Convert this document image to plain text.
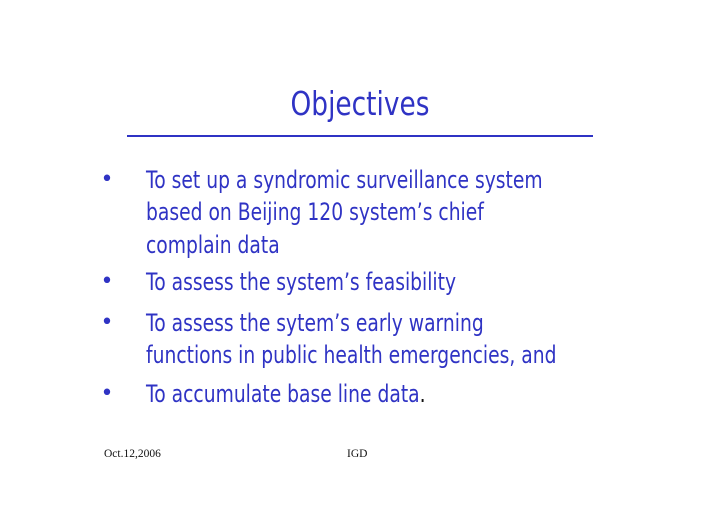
Objectives
• To set up a syndromic surveillance system
based on Beijing 120 system’s chief
complain data
• To assess the system’s feasibility
• To assess the sytem’s early warning
functions in public health emergencies, and
• To accumulate base line data.
Oct.12,2006	IGD
